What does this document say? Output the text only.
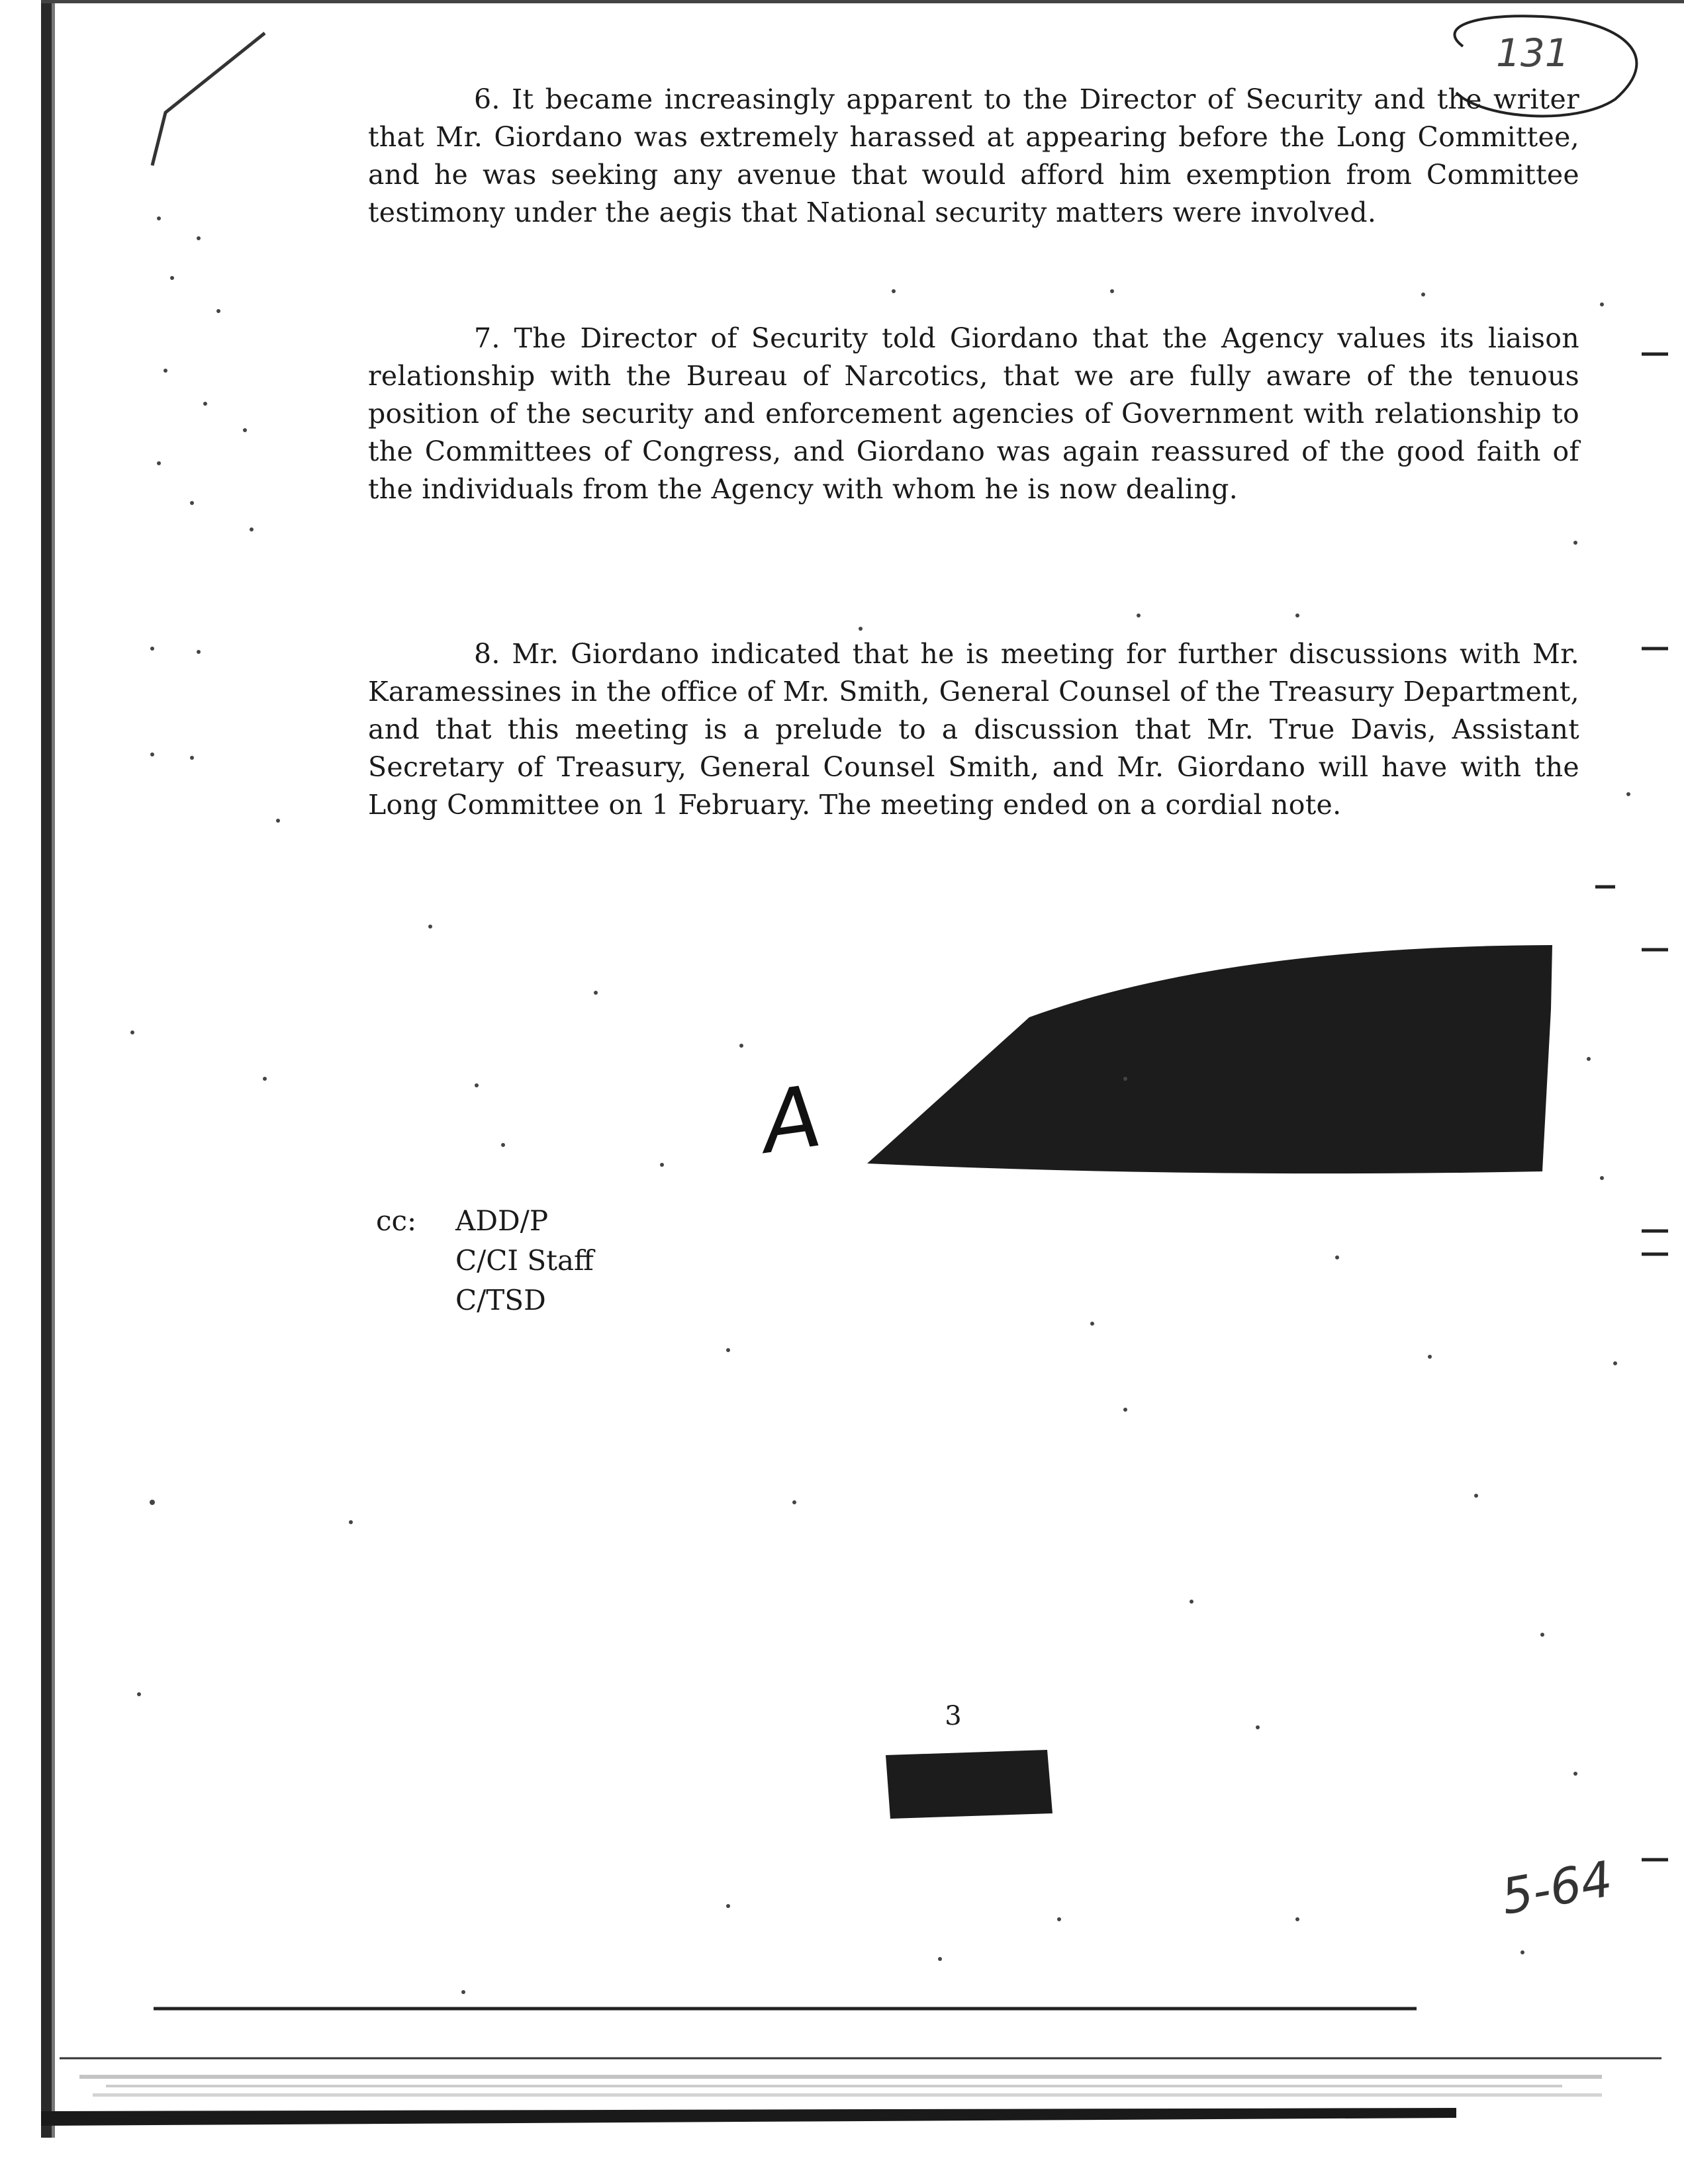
131

6. It became increasingly apparent to the Director of Security and the writer that Mr. Giordano was extremely harassed at appearing before the Long Committee, and he was seeking any avenue that would afford him exemption from Committee testimony under the aegis that National security matters were involved.

7. The Director of Security told Giordano that the Agency values its liaison relationship with the Bureau of Narcotics, that we are fully aware of the tenuous position of the security and enforcement agencies of Government with relationship to the Committees of Congress, and Giordano was again reassured of the good faith of the individuals from the Agency with whom he is now dealing.

8. Mr. Giordano indicated that he is meeting for further discussions with Mr. Karamessines in the office of Mr. Smith, General Counsel of the Treasury Department, and that this meeting is a prelude to a discussion that Mr. True Davis, Assistant Secretary of Treasury, General Counsel Smith, and Mr. Giordano will have with the Long Committee on 1 February. The meeting ended on a cordial note.

A
cc:	ADD/P
C/CI Staff
C/TSD
3
5-64
